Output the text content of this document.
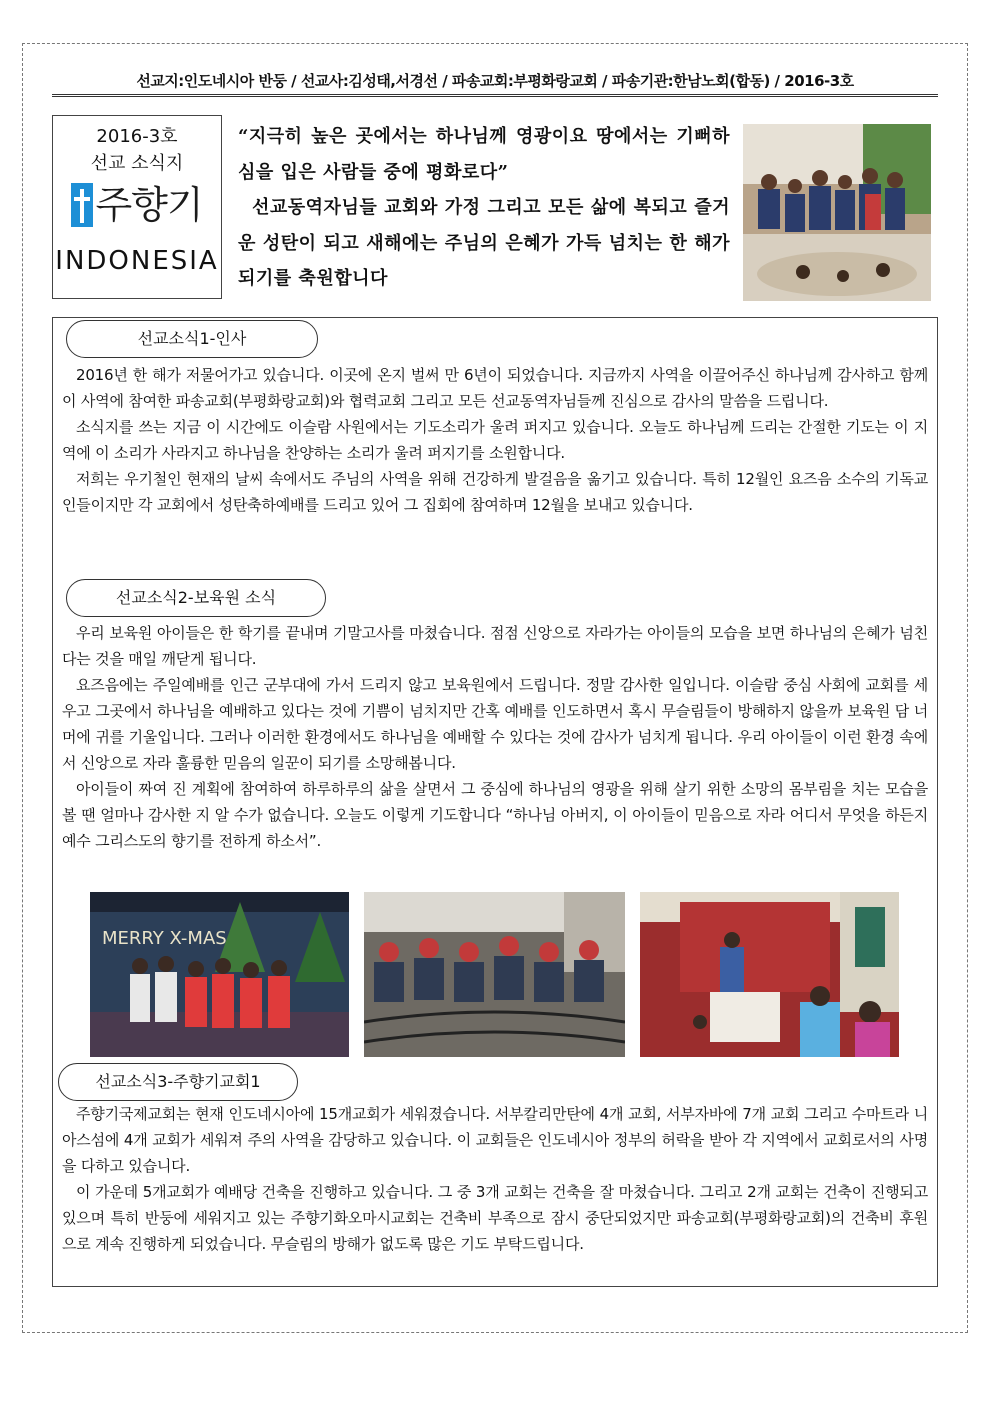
선교지:인도네시아 반둥 / 선교사:김성태,서경선 / 파송교회:부평화랑교회 / 파송기관:한남노회(합동) / 2016-3호
2016-3호
선교 소식지
주향기
INDONESIA
“지극히 높은 곳에서는 하나님께 영광이요 땅에서는 기뻐하심을 입은 사람들 중에 평화로다”
선교동역자님들 교회와 가정 그리고 모든 삶에 복되고 즐거운 성탄이 되고 새해에는 주님의 은혜가 가득 넘치는 한 해가 되기를 축원합니다
선교소식1-인사

2016년 한 해가 저물어가고 있습니다. 이곳에 온지 벌써 만 6년이 되었습니다. 지금까지 사역을 이끌어주신 하나님께 감사하고 함께 이 사역에 참여한 파송교회(부평화랑교회)와 협력교회 그리고 모든 선교동역자님들께 진심으로 감사의 말씀을 드립니다.

소식지를 쓰는 지금 이 시간에도 이슬람 사원에서는 기도소리가 울려 퍼지고 있습니다. 오늘도 하나님께 드리는 간절한 기도는 이 지역에 이 소리가 사라지고 하나님을 찬양하는 소리가 울려 퍼지기를 소원합니다.

저희는 우기철인 현재의 날씨 속에서도 주님의 사역을 위해 건강하게 발걸음을 옮기고 있습니다. 특히 12월인 요즈음 소수의 기독교인들이지만 각 교회에서 성탄축하예배를 드리고 있어 그 집회에 참여하며 12월을 보내고 있습니다.

선교소식2-보육원 소식

우리 보육원 아이들은 한 학기를 끝내며 기말고사를 마쳤습니다. 점점 신앙으로 자라가는 아이들의 모습을 보면 하나님의 은혜가 넘친다는 것을 매일 깨닫게 됩니다.

요즈음에는 주일예배를 인근 군부대에 가서 드리지 않고 보육원에서 드립니다. 정말 감사한 일입니다. 이슬람 중심 사회에 교회를 세우고 그곳에서 하나님을 예배하고 있다는 것에 기쁨이 넘치지만 간혹 예배를 인도하면서 혹시 무슬림들이 방해하지 않을까 보육원 담 너머에 귀를 기울입니다. 그러나 이러한 환경에서도 하나님을 예배할 수 있다는 것에 감사가 넘치게 됩니다. 우리 아이들이 이런 환경 속에서 신앙으로 자라 훌륭한 믿음의 일꾼이 되기를 소망해봅니다.

아이들이 짜여 진 계획에 참여하여 하루하루의 삶을 살면서 그 중심에 하나님의 영광을 위해 살기 위한 소망의 몸부림을 치는 모습을 볼 땐 얼마나 감사한 지 알 수가 없습니다. 오늘도 이렇게 기도합니다 “하나님 아버지, 이 아이들이 믿음으로 자라 어디서 무엇을 하든지 예수 그리스도의 향기를 전하게 하소서”.

MERRY X-MAS
선교소식3-주향기교회1

주향기국제교회는 현재 인도네시아에 15개교회가 세워졌습니다. 서부칼리만탄에 4개 교회, 서부자바에 7개 교회 그리고 수마트라 니아스섬에 4개 교회가 세워져 주의 사역을 감당하고 있습니다. 이 교회들은 인도네시아 정부의 허락을 받아 각 지역에서 교회로서의 사명을 다하고 있습니다.

이 가운데 5개교회가 예배당 건축을 진행하고 있습니다. 그 중 3개 교회는 건축을 잘 마쳤습니다. 그리고 2개 교회는 건축이 진행되고 있으며 특히 반둥에 세워지고 있는 주향기화오마시교회는 건축비 부족으로 잠시 중단되었지만 파송교회(부평화랑교회)의 건축비 후원으로 계속 진행하게 되었습니다. 무슬림의 방해가 없도록 많은 기도 부탁드립니다.
